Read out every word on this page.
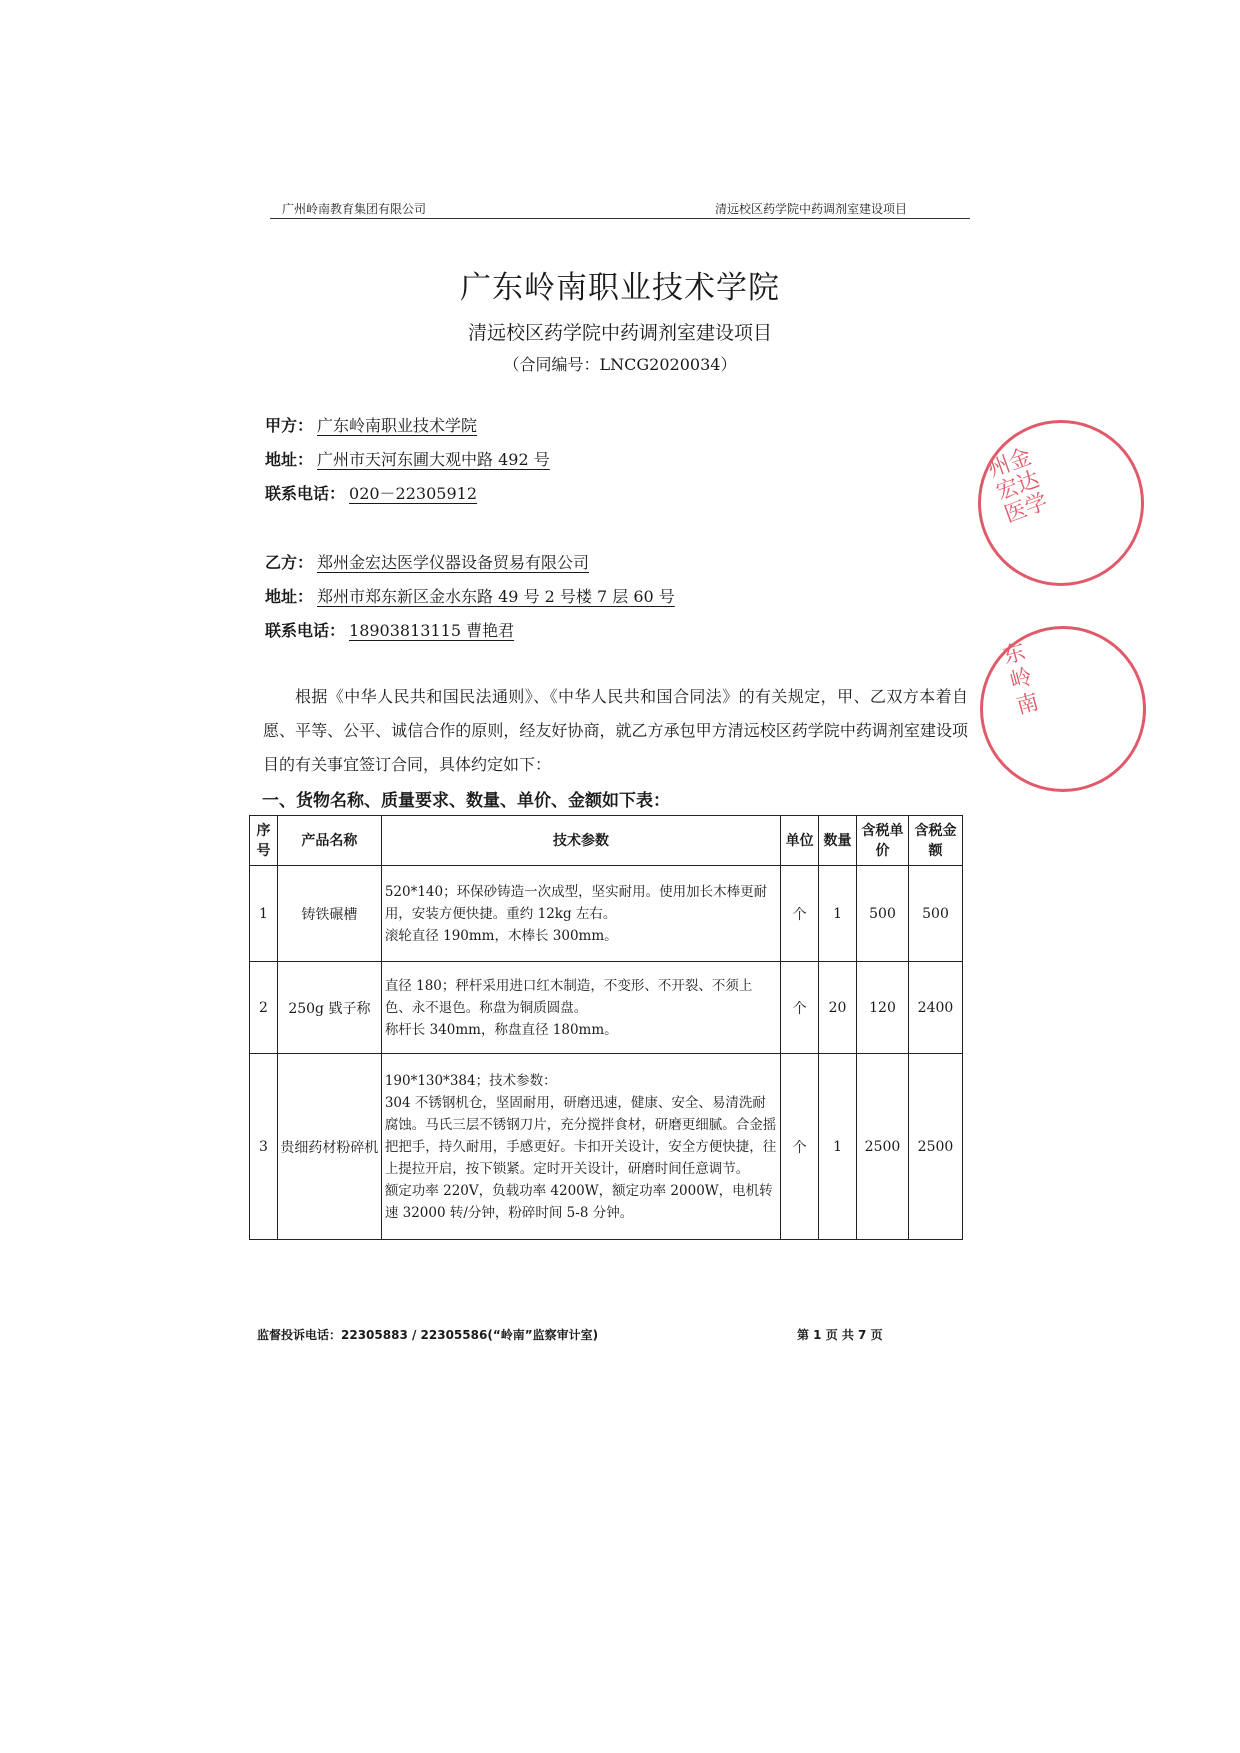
广州岭南教育集团有限公司	清远校区药学院中药调剂室建设项目
广东岭南职业技术学院
清远校区药学院中药调剂室建设项目
（合同编号：LNCG2020034）
甲方： 广东岭南职业技术学院
地址： 广州市天河东圃大观中路 492 号
联系电话： 020－22305912
乙方： 郑州金宏达医学仪器设备贸易有限公司
地址： 郑州市郑东新区金水东路 49 号 2 号楼 7 层 60 号
联系电话： 18903813115 曹艳君
根据《中华人民共和国民法通则》、《中华人民共和国合同法》的有关规定，甲、乙双方本着自愿、平等、公平、诚信合作的原则，经友好协商，就乙方承包甲方清远校区药学院中药调剂室建设项目的有关事宜签订合同，具体约定如下：
一、货物名称、质量要求、数量、单价、金额如下表：
序号	产品名称	技术参数	单位	数量	含税单价	含税金额
1	铸铁碾槽	520*140；环保砂铸造一次成型，坚实耐用。使用加长木棒更耐用，安装方便快捷。重约 12kg 左右。
滚轮直径 190mm，木棒长 300mm。	个	1	500	500
2	250g 戥子称	直径 180；秤杆采用进口红木制造，不变形、不开裂、不须上色、永不退色。称盘为铜质圆盘。
称杆长 340mm，称盘直径 180mm。	个	20	120	2400
3	贵细药材粉碎机	190*130*384；技术参数：
304 不锈钢机仓，坚固耐用，研磨迅速，健康、安全、易清洗耐腐蚀。马氏三层不锈钢刀片，充分搅拌食材，研磨更细腻。合金摇把把手，持久耐用，手感更好。卡扣开关设计，安全方便快捷，往上提拉开启，按下锁紧。定时开关设计，研磨时间任意调节。
额定功率 220V，负载功率 4200W，额定功率 2000W，电机转速 32000 转/分钟，粉碎时间 5-8 分钟。	个	1	2500	2500
监督投诉电话：22305883 / 22305586(“岭南”监察审计室)	第 1 页 共 7 页
州金宏达医学
东岭南
